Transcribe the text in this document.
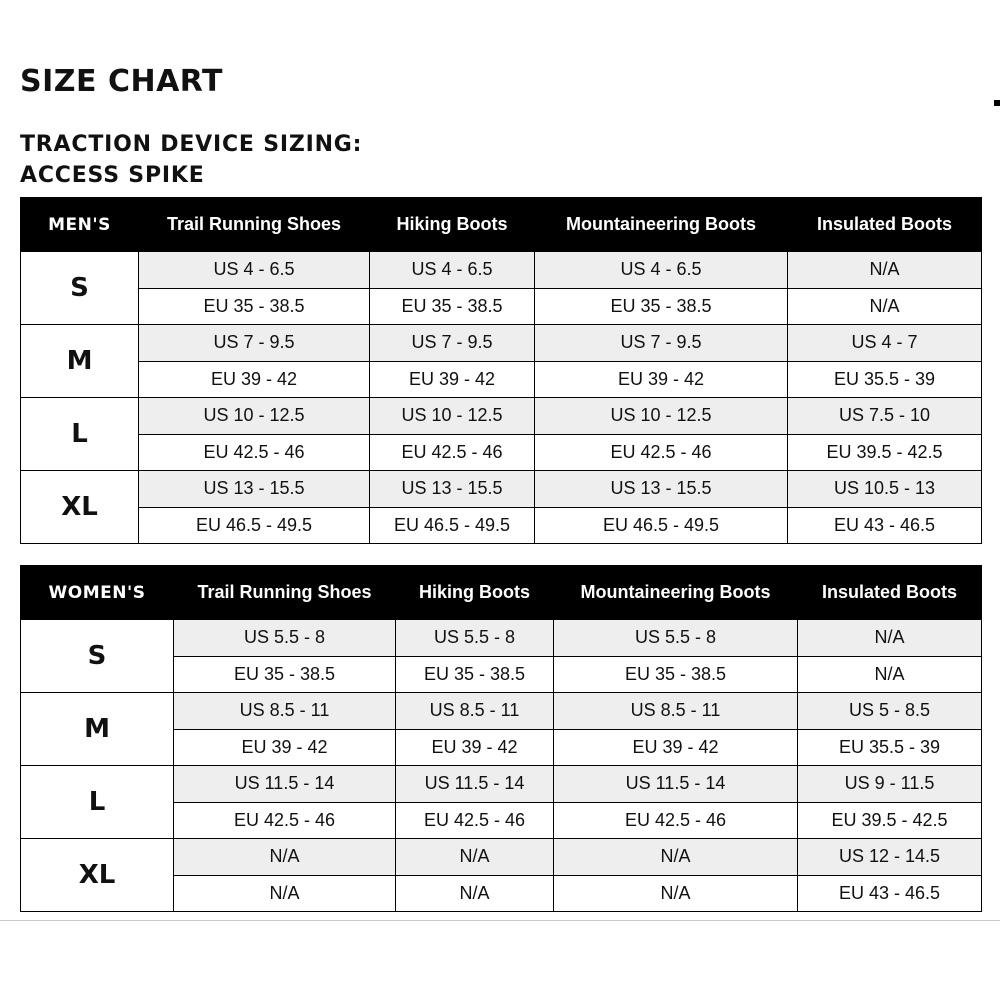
SIZE CHART
TRACTION DEVICE SIZING:
ACCESS SPIKE
MEN'S	Trail Running Shoes	Hiking Boots	Mountaineering Boots	Insulated Boots
S	US 4 - 6.5	US 4 - 6.5	US 4 - 6.5	N/A
	EU 35 - 38.5	EU 35 - 38.5	EU 35 - 38.5	N/A
M	US 7 - 9.5	US 7 - 9.5	US 7 - 9.5	US 4 - 7
	EU 39 - 42	EU 39 - 42	EU 39 - 42	EU 35.5 - 39
L	US 10 - 12.5	US 10 - 12.5	US 10 - 12.5	US 7.5 - 10
	EU 42.5 - 46	EU 42.5 - 46	EU 42.5 - 46	EU 39.5 - 42.5
XL	US 13 - 15.5	US 13 - 15.5	US 13 - 15.5	US 10.5 - 13
	EU 46.5 - 49.5	EU 46.5 - 49.5	EU 46.5 - 49.5	EU 43 - 46.5
WOMEN'S	Trail Running Shoes	Hiking Boots	Mountaineering Boots	Insulated Boots
S	US 5.5 - 8	US 5.5 - 8	US 5.5 - 8	N/A
	EU 35 - 38.5	EU 35 - 38.5	EU 35 - 38.5	N/A
M	US 8.5 - 11	US 8.5 - 11	US 8.5 - 11	US 5 - 8.5
	EU 39 - 42	EU 39 - 42	EU 39 - 42	EU 35.5 - 39
L	US 11.5 - 14	US 11.5 - 14	US 11.5 - 14	US 9 - 11.5
	EU 42.5 - 46	EU 42.5 - 46	EU 42.5 - 46	EU 39.5 - 42.5
XL	N/A	N/A	N/A	US 12 - 14.5
	N/A	N/A	N/A	EU 43 - 46.5
